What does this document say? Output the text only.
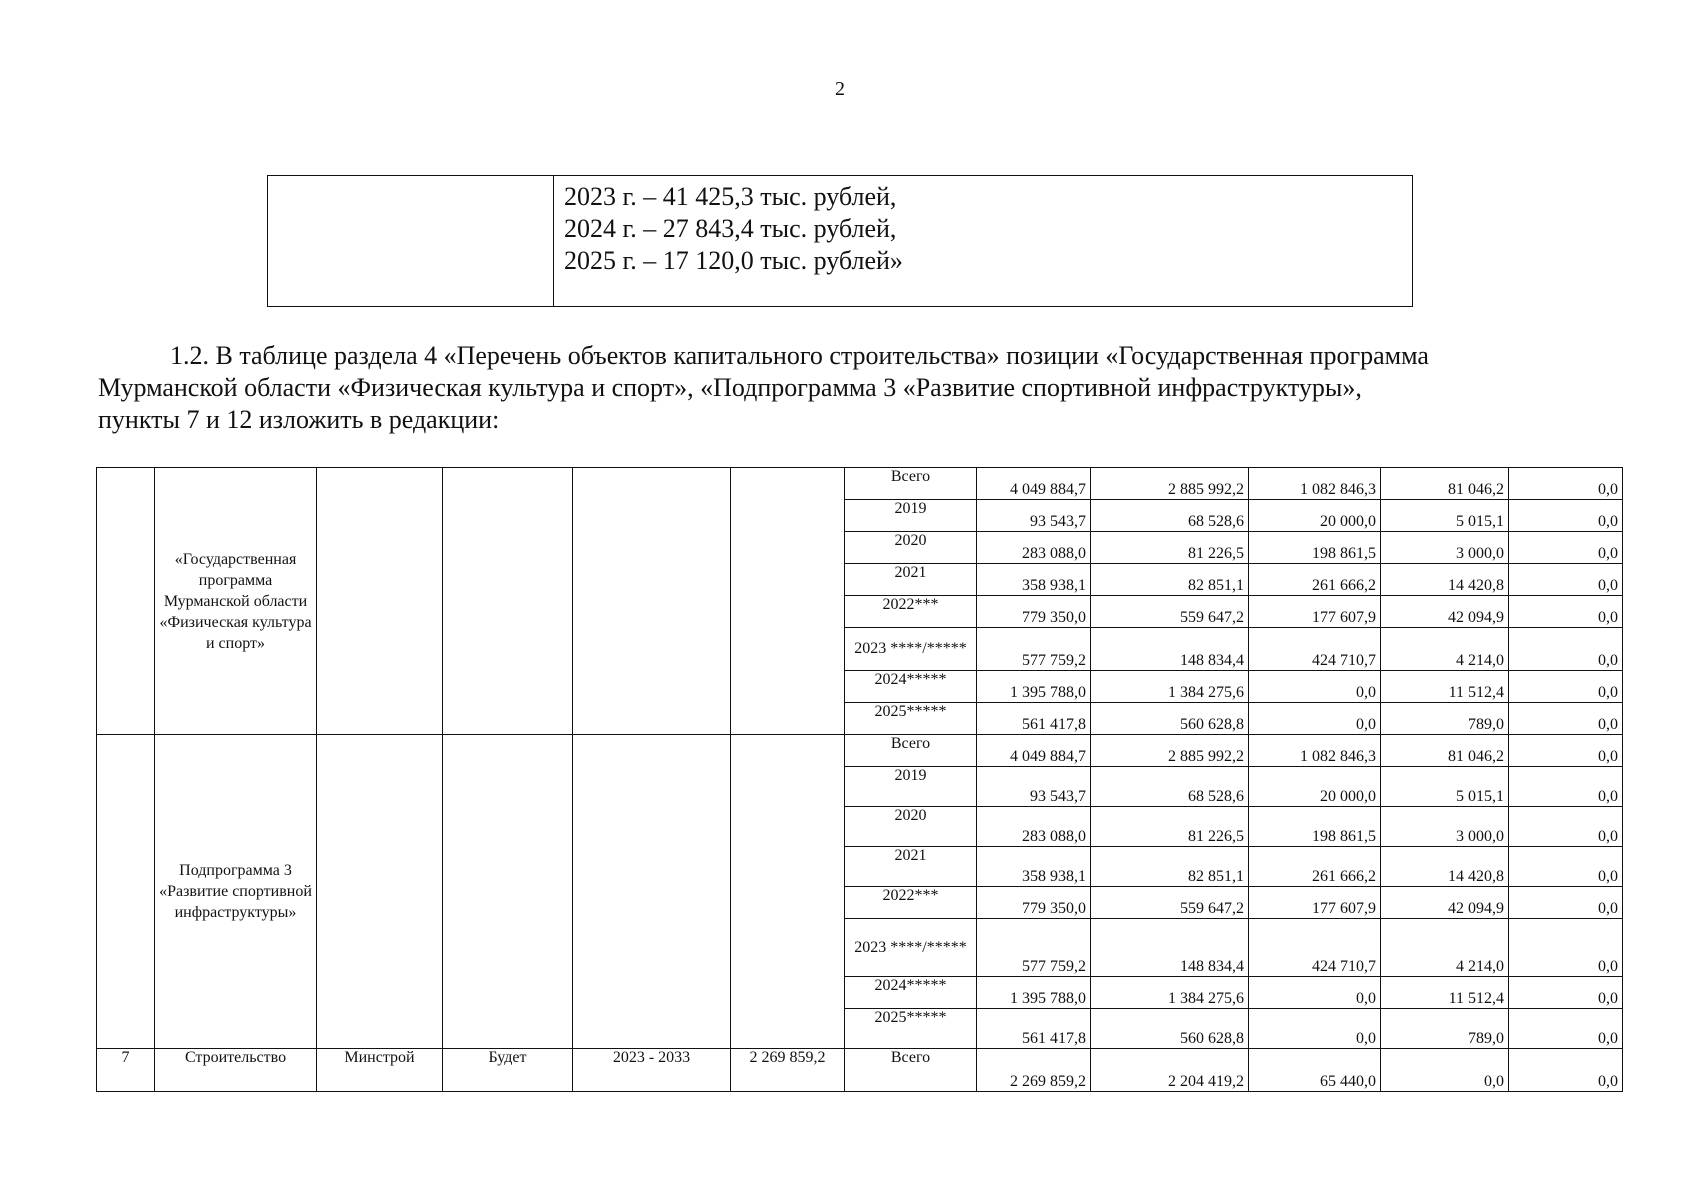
2
2023 г. – 41 425,3 тыс. рублей,
2024 г. – 27 843,4 тыс. рублей,
2025 г. – 17 120,0 тыс. рублей»
1.2. В таблице раздела 4 «Перечень объектов капитального строительства» позиции «Государственная программа
Мурманской области «Физическая культура и спорт», «Подпрограмма 3 «Развитие спортивной инфраструктуры»,
пункты 7 и 12 изложить в редакции:
	«Государственная программа Мурманской области «Физическая культура и спорт»					Всего	4 049 884,7	2 885 992,2	1 082 846,3	81 046,2	0,0
						2019	93 543,7	68 528,6	20 000,0	5 015,1	0,0
						2020	283 088,0	81 226,5	198 861,5	3 000,0	0,0
						2021	358 938,1	82 851,1	261 666,2	14 420,8	0,0
						2022***	779 350,0	559 647,2	177 607,9	42 094,9	0,0
						2023 ****/*****	577 759,2	148 834,4	424 710,7	4 214,0	0,0
						2024*****	1 395 788,0	1 384 275,6	0,0	11 512,4	0,0
						2025*****	561 417,8	560 628,8	0,0	789,0	0,0
	Подпрограмма 3 «Развитие спортивной инфраструктуры»					Всего	4 049 884,7	2 885 992,2	1 082 846,3	81 046,2	0,0
						2019	93 543,7	68 528,6	20 000,0	5 015,1	0,0
						2020	283 088,0	81 226,5	198 861,5	3 000,0	0,0
						2021	358 938,1	82 851,1	261 666,2	14 420,8	0,0
						2022***	779 350,0	559 647,2	177 607,9	42 094,9	0,0
						2023 ****/*****	577 759,2	148 834,4	424 710,7	4 214,0	0,0
						2024*****	1 395 788,0	1 384 275,6	0,0	11 512,4	0,0
						2025*****	561 417,8	560 628,8	0,0	789,0	0,0
7	Строительство	Минстрой	Будет	2023 - 2033	2 269 859,2	Всего	2 269 859,2	2 204 419,2	65 440,0	0,0	0,0
